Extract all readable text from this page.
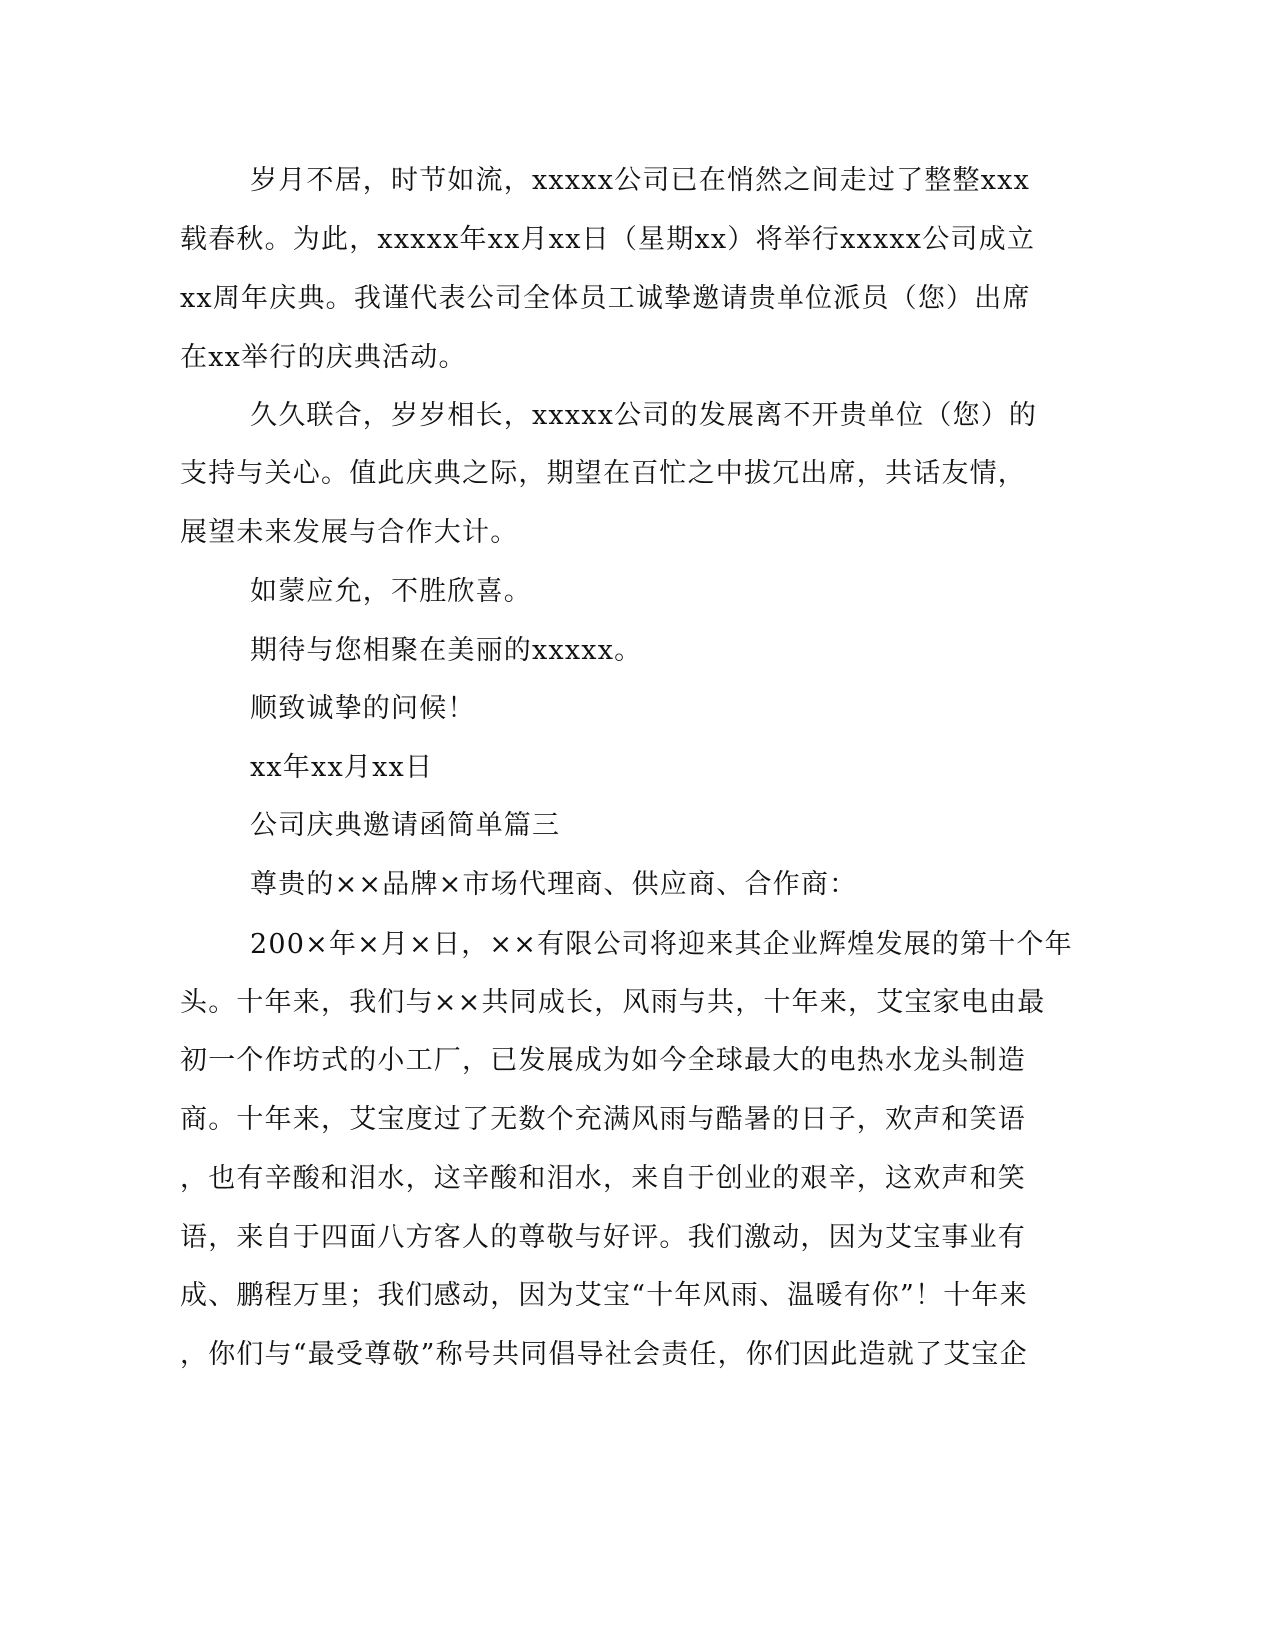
岁月不居，时节如流，xxxxx公司已在悄然之间走过了整整xxx
载春秋。为此，xxxxx年xx月xx日（星期xx）将举行xxxxx公司成立
xx周年庆典。我谨代表公司全体员工诚挚邀请贵单位派员（您）出席
在xx举行的庆典活动。
久久联合，岁岁相长，xxxxx公司的发展离不开贵单位（您）的
支持与关心。值此庆典之际，期望在百忙之中拔冗出席，共话友情，
展望未来发展与合作大计。
如蒙应允，不胜欣喜。
期待与您相聚在美丽的xxxxx。
顺致诚挚的问候！
xx年xx月xx日
公司庆典邀请函简单篇三
尊贵的××品牌×市场代理商、供应商、合作商：
200×年×月×日，××有限公司将迎来其企业辉煌发展的第十个年
头。十年来，我们与××共同成长，风雨与共，十年来，艾宝家电由最
初一个作坊式的小工厂，已发展成为如今全球最大的电热水龙头制造
商。十年来，艾宝度过了无数个充满风雨与酷暑的日子，欢声和笑语
，也有辛酸和泪水，这辛酸和泪水，来自于创业的艰辛，这欢声和笑
语，来自于四面八方客人的尊敬与好评。我们激动，因为艾宝事业有
成、鹏程万里；我们感动，因为艾宝“十年风雨、温暖有你”！十年来
，你们与“最受尊敬”称号共同倡导社会责任，你们因此造就了艾宝企
